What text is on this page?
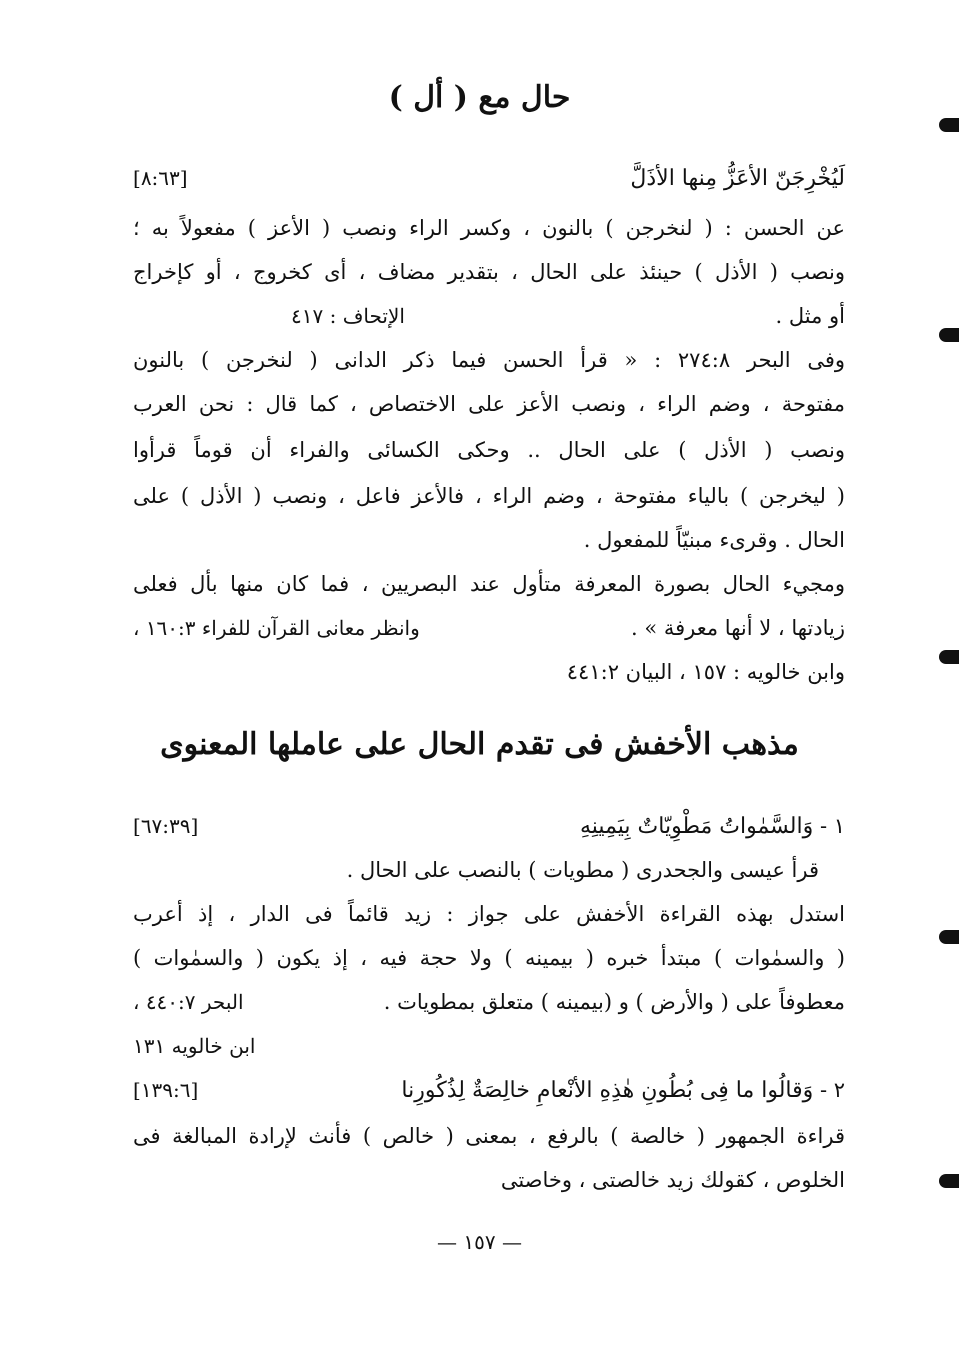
حال مع ( أل )
لَيُخْرِجَنّ الأعَزُّ مِنها الأذَلَّ
[٨:٦٣]
عن الحسن : ( لنخرجن ) بالنون ، وكسر الراء ونصب ( الأعز ) مفعولاً به ؛
ونصب ( الأذل ) حينئذ على الحال ، بتقدير مضاف ، أى كخروج ، أو كإخراج
أو مثل .
الإتحاف : ٤١٧
وفى البحر ٢٧٤:٨ : « قرأ الحسن فيما ذكر الدانى ( لنخرجن ) بالنون
مفتوحة ، وضم الراء ، ونصب الأعز على الاختصاص ، كما قال : نحن العرب
ونصب ( الأذل ) على الحال .. وحكى الكسائى والفراء أن قوماً قرأوا
( ليخرجن ) بالياء مفتوحة ، وضم الراء ، فالأعز فاعل ، ونصب ( الأذل ) على
الحال . وقرىء مبنيّاً للمفعول .
ومجيء الحال بصورة المعرفة متأول عند البصريين ، فما كان منها بأل فعلى
زيادتها ، لا أنها معرفة » .
وانظر معانى القرآن للفراء ١٦٠:٣ ،
وابن خالويه : ١٥٧ ، البيان ٤٤١:٢
مذهب الأخفش فى تقدم الحال على عاملها المعنوى
١ - وَالسَّمٰواتُ مَطْوِيّاتٌ بِيَمِينِهِ
[٦٧:٣٩]
قرأ عيسى والجحدرى ( مطويات ) بالنصب على الحال .
استدل بهذه القراءة الأخفش على جواز : زيد قائماً فى الدار ، إذ أعرب
( والسمٰوات ) مبتدأ خبره ( بيمينه ) ولا حجة فيه ، إذ يكون ( والسمٰوات )
معطوفاً على ( والأرض ) و (بيمينه ) متعلق بمطويات .
البحر ٤٤٠:٧ ،
ابن خالويه ١٣١
٢ - وَقالُوا ما فِى بُطُونِ هٰذِهِ الأنْعامِ خالِصَةٌ لِذُكُورِنا
[١٣٩:٦]
قراءة الجمهور ( خالصة ) بالرفع ، بمعنى ( خالص ) فأنث لإرادة المبالغة فى
الخلوص ، كقولك زيد خالصتى ، وخاصتى
— ١٥٧ —
